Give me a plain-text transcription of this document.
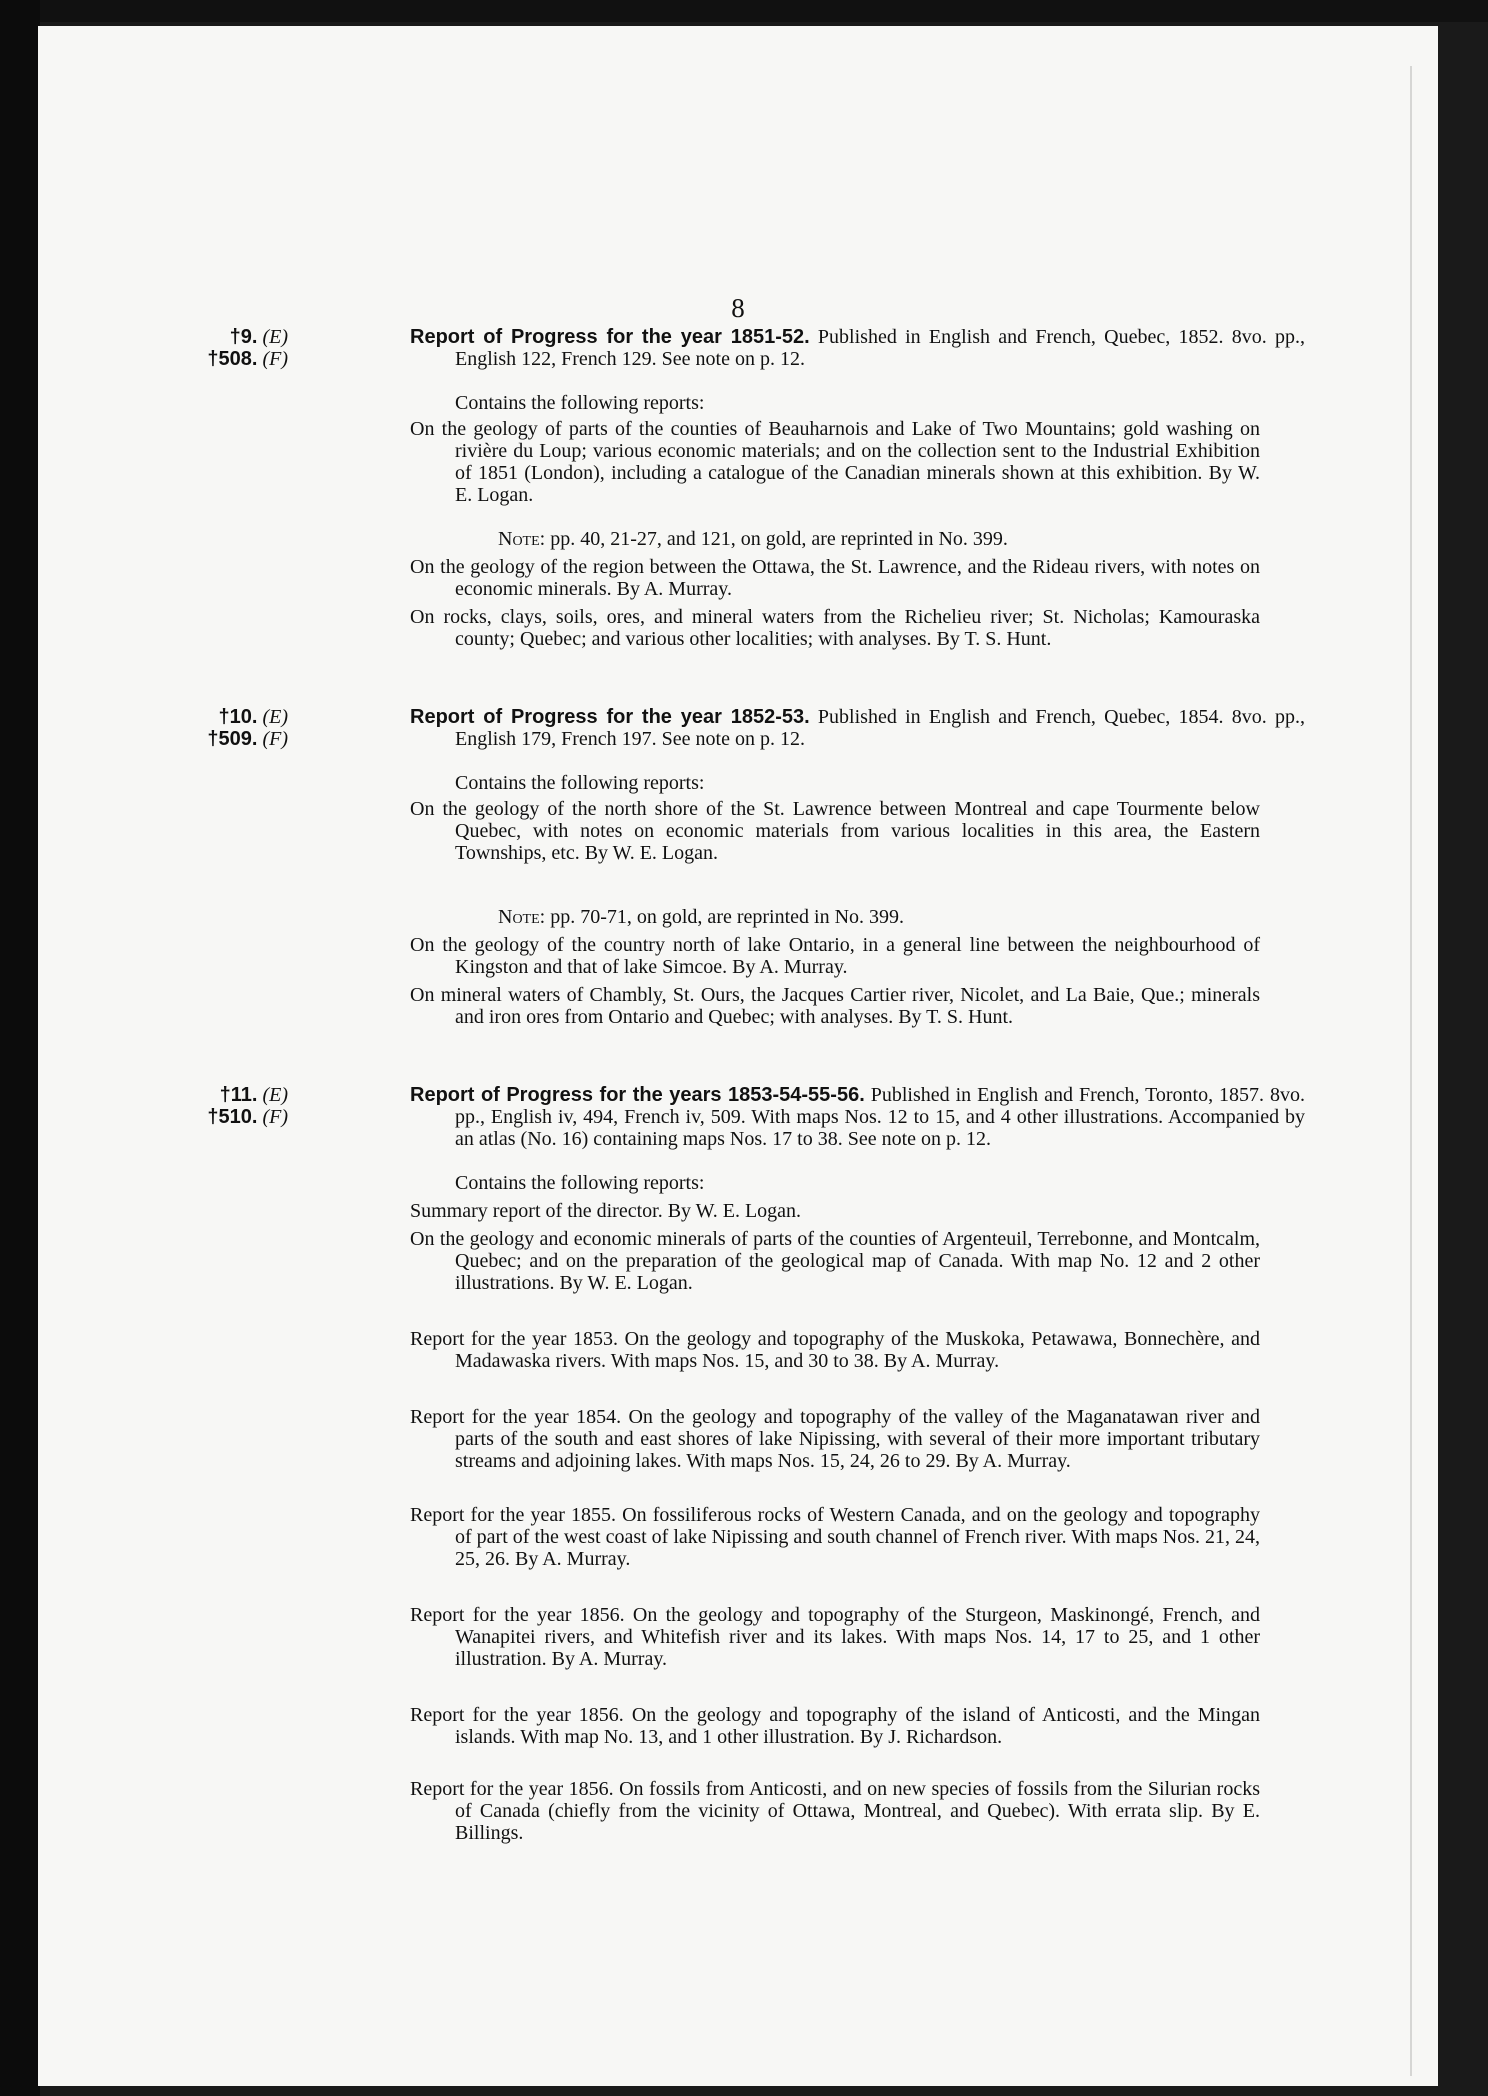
8
†9. (E)
†508. (F)
Report of Progress for the year 1851-52. Published in English and French, Quebec, 1852. 8vo. pp., English 122, French 129. See note on p. 12.
Contains the following reports:
On the geology of parts of the counties of Beauharnois and Lake of Two Mountains; gold washing on rivière du Loup; various economic materials; and on the collection sent to the Industrial Exhibition of 1851 (London), including a catalogue of the Canadian minerals shown at this exhibition. By W. E. Logan.
Note: pp. 40, 21-27, and 121, on gold, are reprinted in No. 399.
On the geology of the region between the Ottawa, the St. Lawrence, and the Rideau rivers, with notes on economic minerals. By A. Murray.
On rocks, clays, soils, ores, and mineral waters from the Richelieu river; St. Nicholas; Kamouraska county; Quebec; and various other localities; with analyses. By T. S. Hunt.
†10. (E)
†509. (F)
Report of Progress for the year 1852-53. Published in English and French, Quebec, 1854. 8vo. pp., English 179, French 197. See note on p. 12.
Contains the following reports:
On the geology of the north shore of the St. Lawrence between Montreal and cape Tourmente below Quebec, with notes on economic materials from various localities in this area, the Eastern Townships, etc. By W. E. Logan.
Note: pp. 70-71, on gold, are reprinted in No. 399.
On the geology of the country north of lake Ontario, in a general line between the neighbourhood of Kingston and that of lake Simcoe. By A. Murray.
On mineral waters of Chambly, St. Ours, the Jacques Cartier river, Nicolet, and La Baie, Que.; minerals and iron ores from Ontario and Quebec; with analyses. By T. S. Hunt.
†11. (E)
†510. (F)
Report of Progress for the years 1853-54-55-56. Published in English and French, Toronto, 1857. 8vo. pp., English iv, 494, French iv, 509. With maps Nos. 12 to 15, and 4 other illustrations. Accompanied by an atlas (No. 16) containing maps Nos. 17 to 38. See note on p. 12.
Contains the following reports:
Summary report of the director. By W. E. Logan.
On the geology and economic minerals of parts of the counties of Argenteuil, Terrebonne, and Montcalm, Quebec; and on the preparation of the geological map of Canada. With map No. 12 and 2 other illustrations. By W. E. Logan.
Report for the year 1853. On the geology and topography of the Muskoka, Petawawa, Bonnechère, and Madawaska rivers. With maps Nos. 15, and 30 to 38. By A. Murray.
Report for the year 1854. On the geology and topography of the valley of the Maganatawan river and parts of the south and east shores of lake Nipissing, with several of their more important tributary streams and adjoining lakes. With maps Nos. 15, 24, 26 to 29. By A. Murray.
Report for the year 1855. On fossiliferous rocks of Western Canada, and on the geology and topography of part of the west coast of lake Nipissing and south channel of French river. With maps Nos. 21, 24, 25, 26. By A. Murray.
Report for the year 1856. On the geology and topography of the Sturgeon, Maskinongé, French, and Wanapitei rivers, and Whitefish river and its lakes. With maps Nos. 14, 17 to 25, and 1 other illustration. By A. Murray.
Report for the year 1856. On the geology and topography of the island of Anticosti, and the Mingan islands. With map No. 13, and 1 other illustration. By J. Richardson.
Report for the year 1856. On fossils from Anticosti, and on new species of fossils from the Silurian rocks of Canada (chiefly from the vicinity of Ottawa, Montreal, and Quebec). With errata slip. By E. Billings.
